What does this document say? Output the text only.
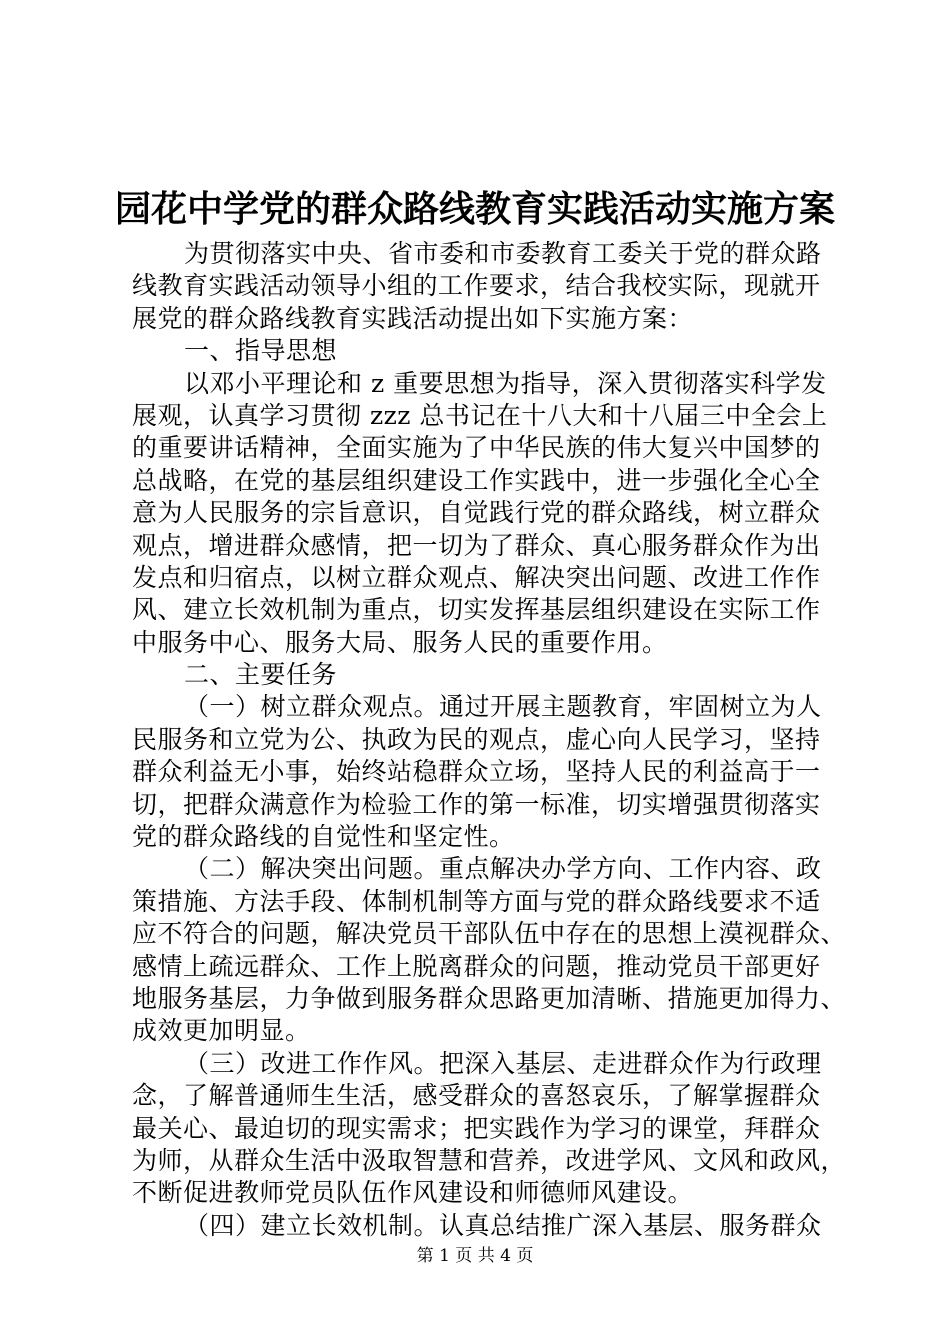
园花中学党的群众路线教育实践活动实施方案
为贯彻落实中央、省市委和市委教育工委关于党的群众路
线教育实践活动领导小组的工作要求，结合我校实际，现就开
展党的群众路线教育实践活动提出如下实施方案：
一、指导思想
以邓小平理论和 z 重要思想为指导，深入贯彻落实科学发
展观，认真学习贯彻 zzz 总书记在十八大和十八届三中全会上
的重要讲话精神，全面实施为了中华民族的伟大复兴中国梦的
总战略，在党的基层组织建设工作实践中，进一步强化全心全
意为人民服务的宗旨意识，自觉践行党的群众路线，树立群众
观点，增进群众感情，把一切为了群众、真心服务群众作为出
发点和归宿点，以树立群众观点、解决突出问题、改进工作作
风、建立长效机制为重点，切实发挥基层组织建设在实际工作
中服务中心、服务大局、服务人民的重要作用。
二、主要任务
（一）树立群众观点。通过开展主题教育，牢固树立为人
民服务和立党为公、执政为民的观点，虚心向人民学习，坚持
群众利益无小事，始终站稳群众立场，坚持人民的利益高于一
切，把群众满意作为检验工作的第一标准，切实增强贯彻落实
党的群众路线的自觉性和坚定性。
（二）解决突出问题。重点解决办学方向、工作内容、政
策措施、方法手段、体制机制等方面与党的群众路线要求不适
应不符合的问题，解决党员干部队伍中存在的思想上漠视群众、
感情上疏远群众、工作上脱离群众的问题，推动党员干部更好
地服务基层，力争做到服务群众思路更加清晰、措施更加得力、
成效更加明显。
（三）改进工作作风。把深入基层、走进群众作为行政理
念，了解普通师生生活，感受群众的喜怒哀乐，了解掌握群众
最关心、最迫切的现实需求；把实践作为学习的课堂，拜群众
为师，从群众生活中汲取智慧和营养，改进学风、文风和政风，
不断促进教师党员队伍作风建设和师德师风建设。
（四）建立长效机制。认真总结推广深入基层、服务群众
第 1 页 共 4 页
